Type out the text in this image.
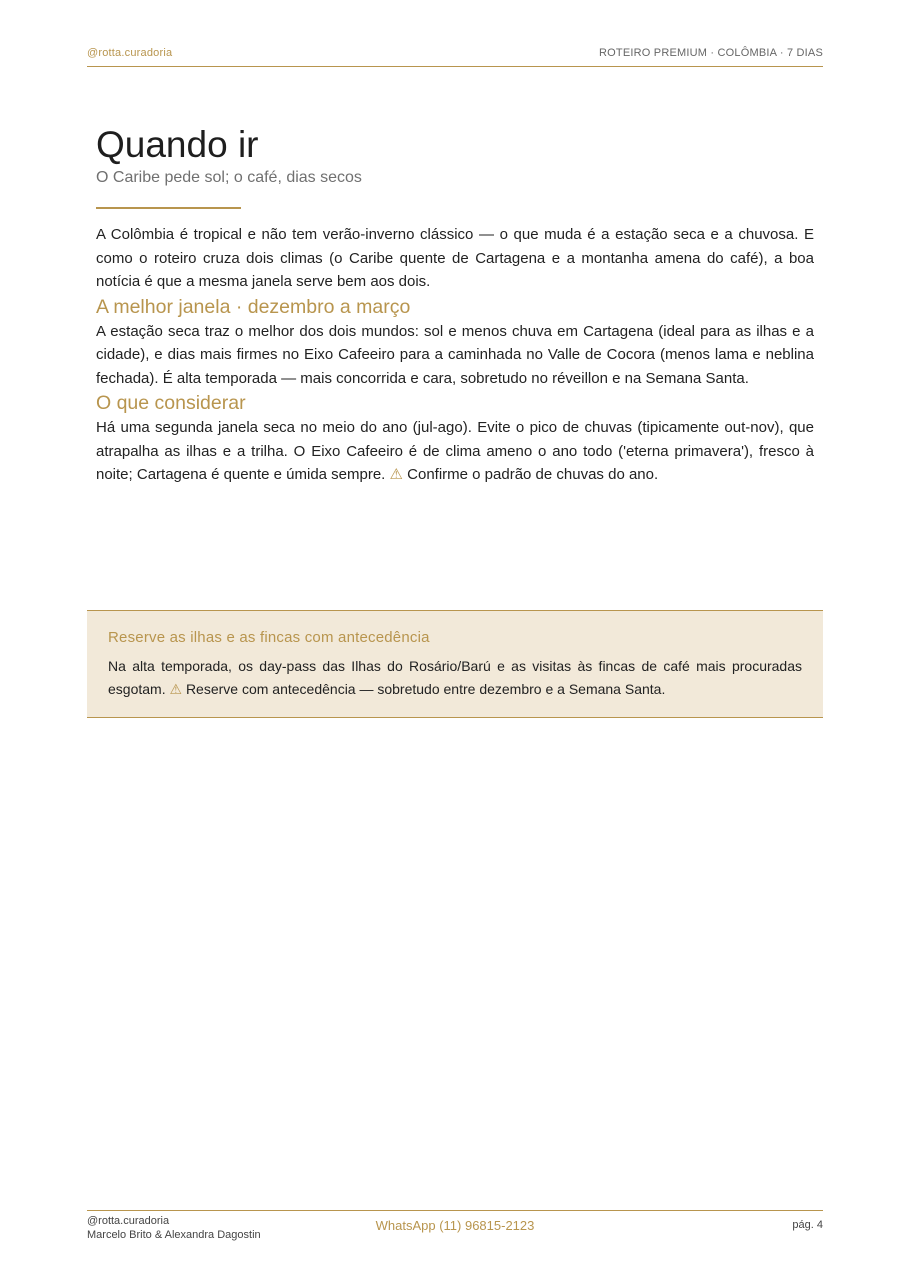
@rotta.curadoria	ROTEIRO PREMIUM · COLÔMBIA · 7 DIAS
Quando ir
O Caribe pede sol; o café, dias secos

A Colômbia é tropical e não tem verão-inverno clássico — o que muda é a estação seca e a chuvosa. E como o roteiro cruza dois climas (o Caribe quente de Cartagena e a montanha amena do café), a boa notícia é que a mesma janela serve bem aos dois.

A melhor janela · dezembro a março

A estação seca traz o melhor dos dois mundos: sol e menos chuva em Cartagena (ideal para as ilhas e a cidade), e dias mais firmes no Eixo Cafeeiro para a caminhada no Valle de Cocora (menos lama e neblina fechada). É alta temporada — mais concorrida e cara, sobretudo no réveillon e na Semana Santa.

O que considerar

Há uma segunda janela seca no meio do ano (jul-ago). Evite o pico de chuvas (tipicamente out-nov), que atrapalha as ilhas e a trilha. O Eixo Cafeeiro é de clima ameno o ano todo ('eterna primavera'), fresco à noite; Cartagena é quente e úmida sempre. ⚠ Confirme o padrão de chuvas do ano.

Reserve as ilhas e as fincas com antecedência
Na alta temporada, os day-pass das Ilhas do Rosário/Barú e as visitas às fincas de café mais procuradas esgotam. ⚠ Reserve com antecedência — sobretudo entre dezembro e a Semana Santa.
@rotta.curadoria
Marcelo Brito & Alexandra Dagostin
WhatsApp (11) 96815-2123	pág. 4
